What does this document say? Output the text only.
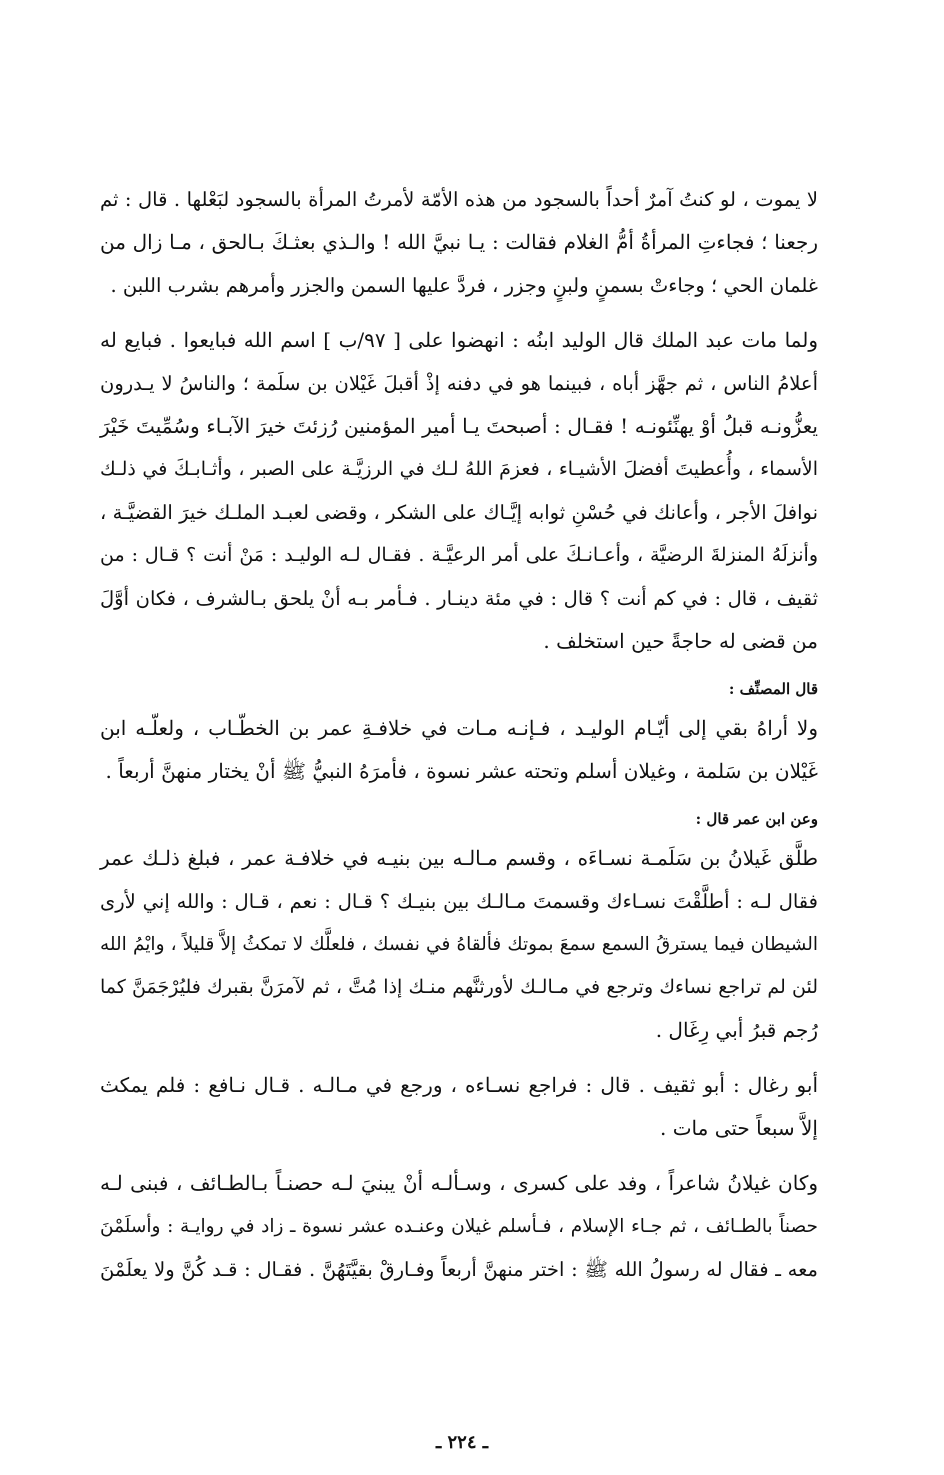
لا يموت ، لو كنتُ آمرٌ أحداً بالسجود من هذه الأمّة لأمرتُ المرأة بالسجود لبَعْلها . قال : ثم
رجعنا ؛ فجاءتِ المرأةُ أمُّ الغلام فقالت : يـا نبيَّ الله ! والـذي بعثـكَ بـالحق ، مـا زال من
غلمان الحي ؛ وجاءتْ بسمنٍ ولبنٍ وجزر ، فردَّ عليها السمن والجزر وأمرهم بشرب اللبن .
ولما مات عبد الملك قال الوليد ابنُه : انهضوا على [ ٩٧/ب ] اسم الله فبايعوا . فبايع له
أعلامُ الناس ، ثم جهَّز أباه ، فبينما هو في دفنه إذْ أقبلَ غَيْلان بن سلَمة ؛ والناسُ لا يـدرون
يعزُّونـه قبلُ أوْ يهنِّئونـه ! فقـال : أصبحتَ يـا أمير المؤمنين رُزئتَ خيرَ الآبـاء وسُمِّيتَ خَيْرَ
الأسماء ، وأُعطيتَ أفضلَ الأشيـاء ، فعزمَ اللهُ لـك في الرزيَّـة على الصبر ، وأثـابـكَ في ذلـك
نوافلَ الأجر ، وأعانك في حُسْنِ ثوابه إيَّـاك على الشكر ، وقضى لعبـد الملـك خيرَ القضيَّـة ،
وأنزلَهُ المنزلةَ الرضيَّة ، وأعـانـكَ على أمر الرعيَّـة . فقـال لـه الوليـد : مَنْ أنت ؟ قـال : من
ثقيف ، قال : في كم أنت ؟ قال : في مئة دينـار . فـأمر بـه أنْ يلحق بـالشرف ، فكان أوَّلَ
من قضى له حاجةً حين استخلف .
قال المصنِّف :
ولا أراهُ بقي إلى أيّـام الوليـد ، فـإنـه مـات في خلافـةِ عمر بن الخطّـاب ، ولعلّـه ابن
غَيْلان بن سَلمة ، وغيلان أسلم وتحته عشر نسوة ، فأمرَهُ النبيُّ ﷺ أنْ يختار منهنَّ أربعاً .
وعن ابن عمر قال :
طلَّق غَيلانُ بن سَلَمـة نسـاءَه ، وقسم مـالـه بين بنيـه في خلافـة عمر ، فبلغ ذلـك عمر
فقال لـه : أطلَّقْتَ نسـاءك وقسمتَ مـالـك بين بنيـك ؟ قـال : نعم ، قـال : والله إني لأرى
الشيطان فيما يسترقُ السمع سمعَ بموتك فألقاهُ في نفسك ، فلعلَّك لا تمكثُ إلاَّ قليلاً ، وايْمُ الله
لئن لم تراجع نساءك وترجع في مـالـك لأورثنَّهم منـك إذا مُتَّ ، ثم لآمرَنَّ بقبرك فليُرْجَمَنَّ كما
رُجم قبرُ أبي رِغَال .
أبو رغال : أبو ثقيف . قال : فراجع نسـاءه ، ورجع في مـالـه . قـال نـافع : فلم يمكث
إلاَّ سبعاً حتى مات .
وكان غيلانُ شاعراً ، وفد على كسرى ، وسـألـه أنْ يبنيَ لـه حصنـاً بـالطـائف ، فبنى لـه
حصناً بالطـائف ، ثم جـاء الإسلام ، فـأسلم غيلان وعنـده عشر نسوة ـ زاد في روايـة : وأسلَمْنَ
معه ـ فقال له رسولُ الله ﷺ : اختر منهنَّ أربعاً وفـارقْ بقيَّتَهُنَّ . فقـال : قـد كُنَّ ولا يعلَمْنَ
ـ ٢٢٤ ـ
